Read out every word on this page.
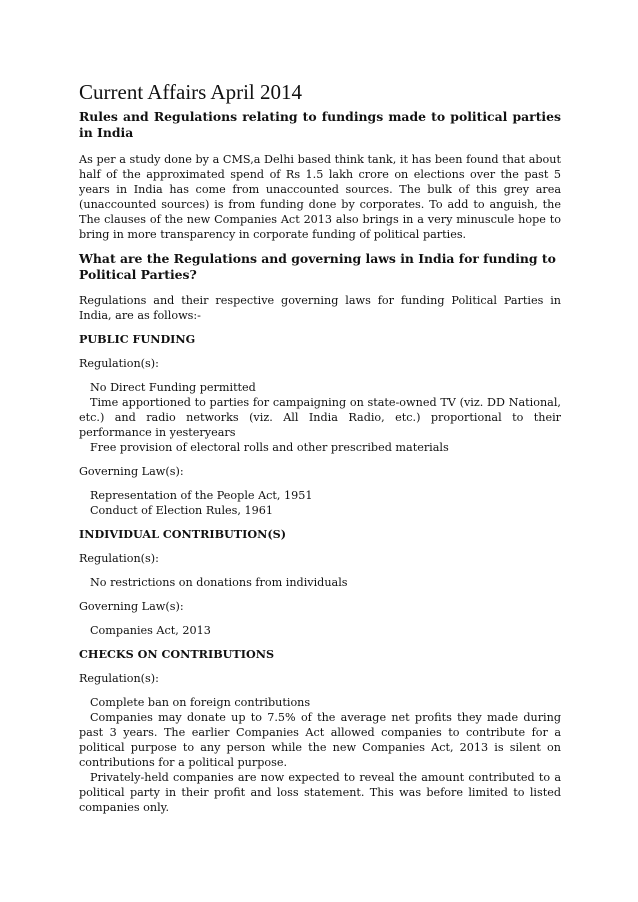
Current Affairs April 2014
Rules and Regulations relating to fundings made to political parties in India

As per a study done by a CMS,a Delhi based think tank, it has been found that about half of the approximated spend of Rs 1.5 lakh crore on elections over the past 5 years in India has come from unaccounted sources. The bulk of this grey area (unaccounted sources) is from funding done by corporates. To add to anguish, the The clauses of the new Companies Act 2013 also brings in a very minuscule hope to bring in more transparency in corporate funding of political parties.

What are the Regulations and governing laws in India for funding to Political Parties?

Regulations and their respective governing laws for funding Political Parties in India, are as follows:-

PUBLIC FUNDING
Regulation(s):
No Direct Funding permitted
Time apportioned to parties for campaigning on state-owned TV (viz. DD National, etc.) and radio networks (viz. All India Radio, etc.) proportional to their performance in yesteryears
Free provision of electoral rolls and other prescribed materials
Governing Law(s):
Representation of the People Act, 1951
Conduct of Election Rules, 1961
INDIVIDUAL CONTRIBUTION(S)
Regulation(s):
No restrictions on donations from individuals
Governing Law(s):
Companies Act, 2013
CHECKS ON CONTRIBUTIONS
Regulation(s):
Complete ban on foreign contributions
Companies may donate up to 7.5% of the average net profits they made during past 3 years. The earlier Companies Act allowed companies to contribute for a political purpose to any person while the new Companies Act, 2013 is silent on contributions for a political purpose.
Privately-held companies are now expected to reveal the amount contributed to a political party in their profit and loss statement. This was before limited to listed companies only.
